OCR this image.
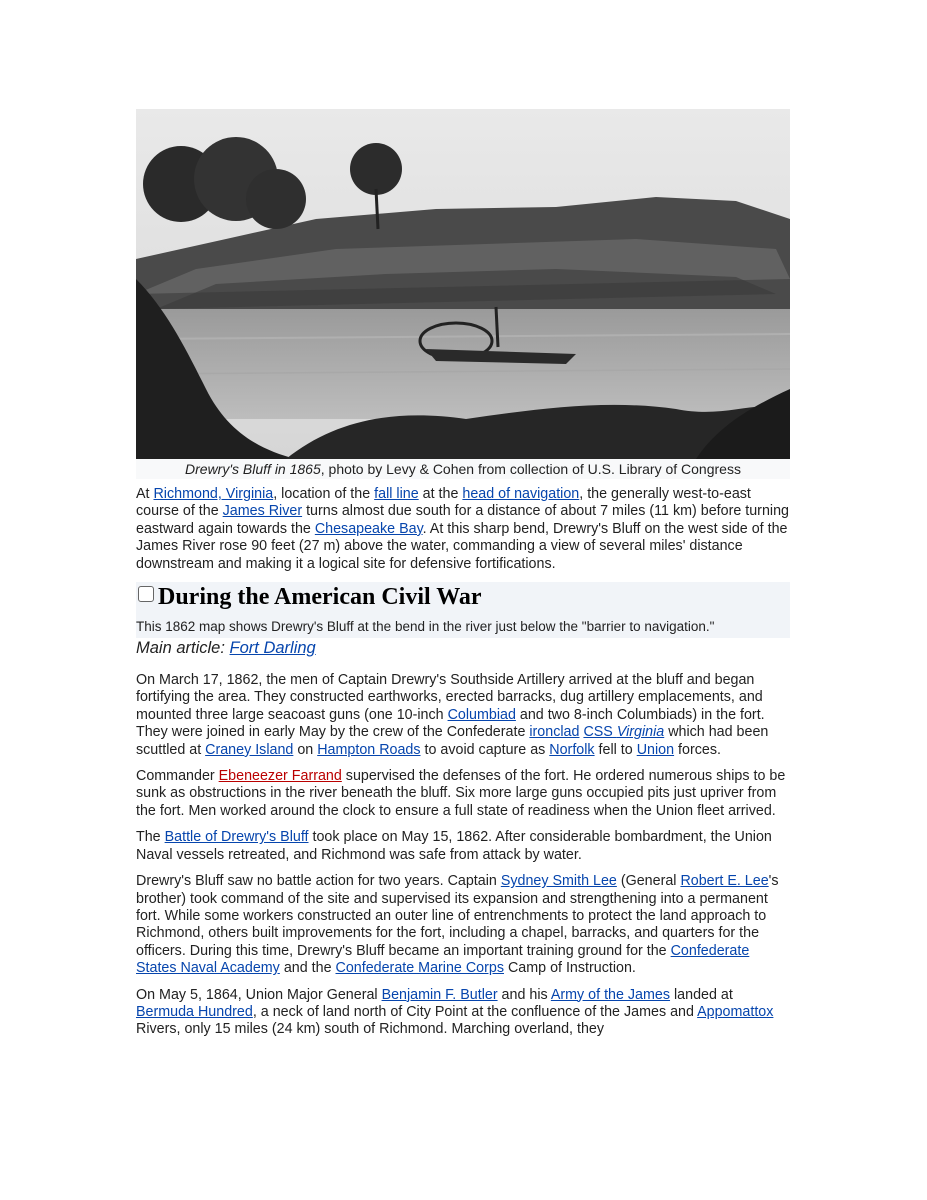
Drewry's Bluff in 1865, photo by Levy & Cohen from collection of U.S. Library of Congress

At Richmond, Virginia, location of the fall line at the head of navigation, the generally west-to-east course of the James River turns almost due south for a distance of about 7 miles (11 km) before turning eastward again towards the Chesapeake Bay. At this sharp bend, Drewry's Bluff on the west side of the James River rose 90 feet (27 m) above the water, commanding a view of several miles' distance downstream and making it a logical site for defensive fortifications.

During the American Civil War
This 1862 map shows Drewry's Bluff at the bend in the river just below the "barrier to navigation."
Main article: Fort Darling

On March 17, 1862, the men of Captain Drewry's Southside Artillery arrived at the bluff and began fortifying the area. They constructed earthworks, erected barracks, dug artillery emplacements, and mounted three large seacoast guns (one 10-inch Columbiad and two 8-inch Columbiads) in the fort. They were joined in early May by the crew of the Confederate ironclad CSS Virginia which had been scuttled at Craney Island on Hampton Roads to avoid capture as Norfolk fell to Union forces.

Commander Ebeneezer Farrand supervised the defenses of the fort. He ordered numerous ships to be sunk as obstructions in the river beneath the bluff. Six more large guns occupied pits just upriver from the fort. Men worked around the clock to ensure a full state of readiness when the Union fleet arrived.

The Battle of Drewry's Bluff took place on May 15, 1862. After considerable bombardment, the Union Naval vessels retreated, and Richmond was safe from attack by water.

Drewry's Bluff saw no battle action for two years. Captain Sydney Smith Lee (General Robert E. Lee's brother) took command of the site and supervised its expansion and strengthening into a permanent fort. While some workers constructed an outer line of entrenchments to protect the land approach to Richmond, others built improvements for the fort, including a chapel, barracks, and quarters for the officers. During this time, Drewry's Bluff became an important training ground for the Confederate States Naval Academy and the Confederate Marine Corps Camp of Instruction.

On May 5, 1864, Union Major General Benjamin F. Butler and his Army of the James landed at Bermuda Hundred, a neck of land north of City Point at the confluence of the James and Appomattox Rivers, only 15 miles (24 km) south of Richmond. Marching overland, they
